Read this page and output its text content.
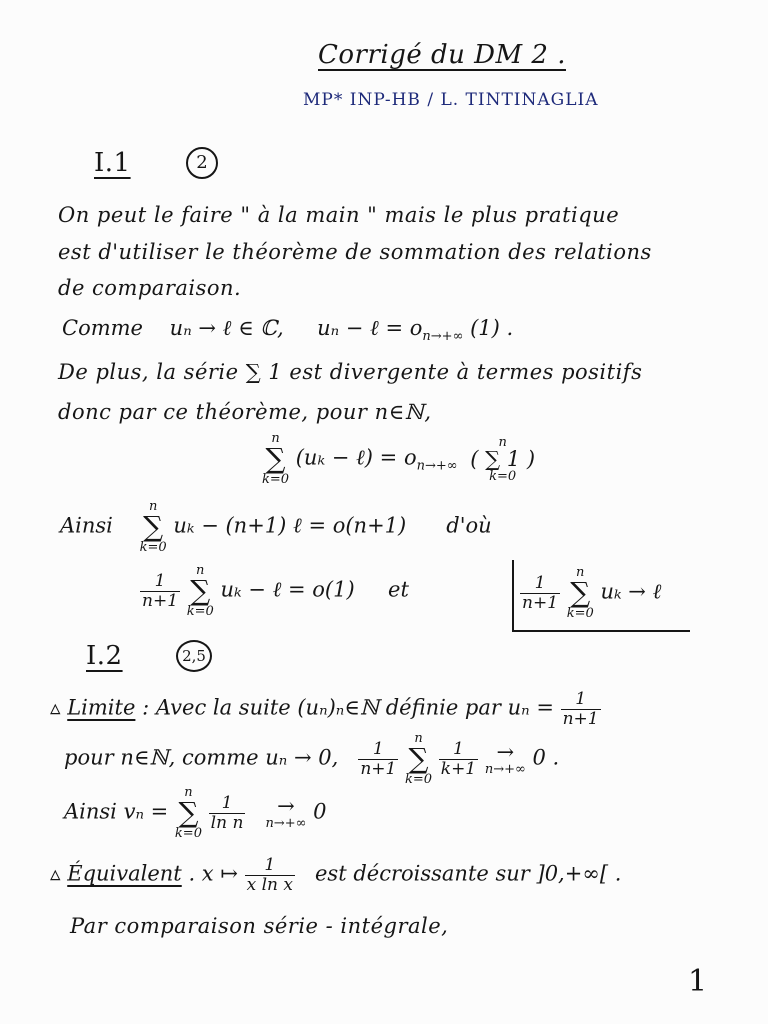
Corrigé du DM 2 .
MP* INP-HB / L. TINTINAGLIA
I.1	2
On peut le faire " à la main " mais le plus pratique
est d'utiliser le théorème de sommation des relations
de comparaison.
Comme uₙ → ℓ ∈ ℂ, uₙ − ℓ = $o_{n\to+\infty}$ (1) .
De plus, la série ∑ 1 est divergente à termes positifs
donc par ce théorème, pour n∈ℕ,
n
∑
k=0
(uₖ − ℓ) = $o_{n\to+\infty}$
n
( ∑ 1 )
k=0
Ainsi
n
∑
k=0
uₖ − (n+1) ℓ = o(n+1) d'où
$\frac{1}{n+1}$

n
∑
k=0
uₖ − ℓ = o(1) et	$\frac{1}{n+1}$

n
∑
k=0
uₖ → ℓ
I.2	2,5
▵ Limite : Avec la suite (uₙ)ₙ∈ℕ définie par $u_n = \frac{1}{n+1}$
pour n∈ℕ, comme uₙ → 0, $\frac{1}{n+1}$

n
∑
k=0

$\frac{1}{k+1}$ →
n→+∞ 0 .
Ainsi vₙ =
n
∑
k=0

$\frac{1}{\text{ln n}}$ →
n→+∞ 0
▵ Équivalent . x ↦ $\frac{1}{\text{x ln x}}$ est décroissante sur ]0,+∞[ .
Par comparaison série - intégrale,
1
